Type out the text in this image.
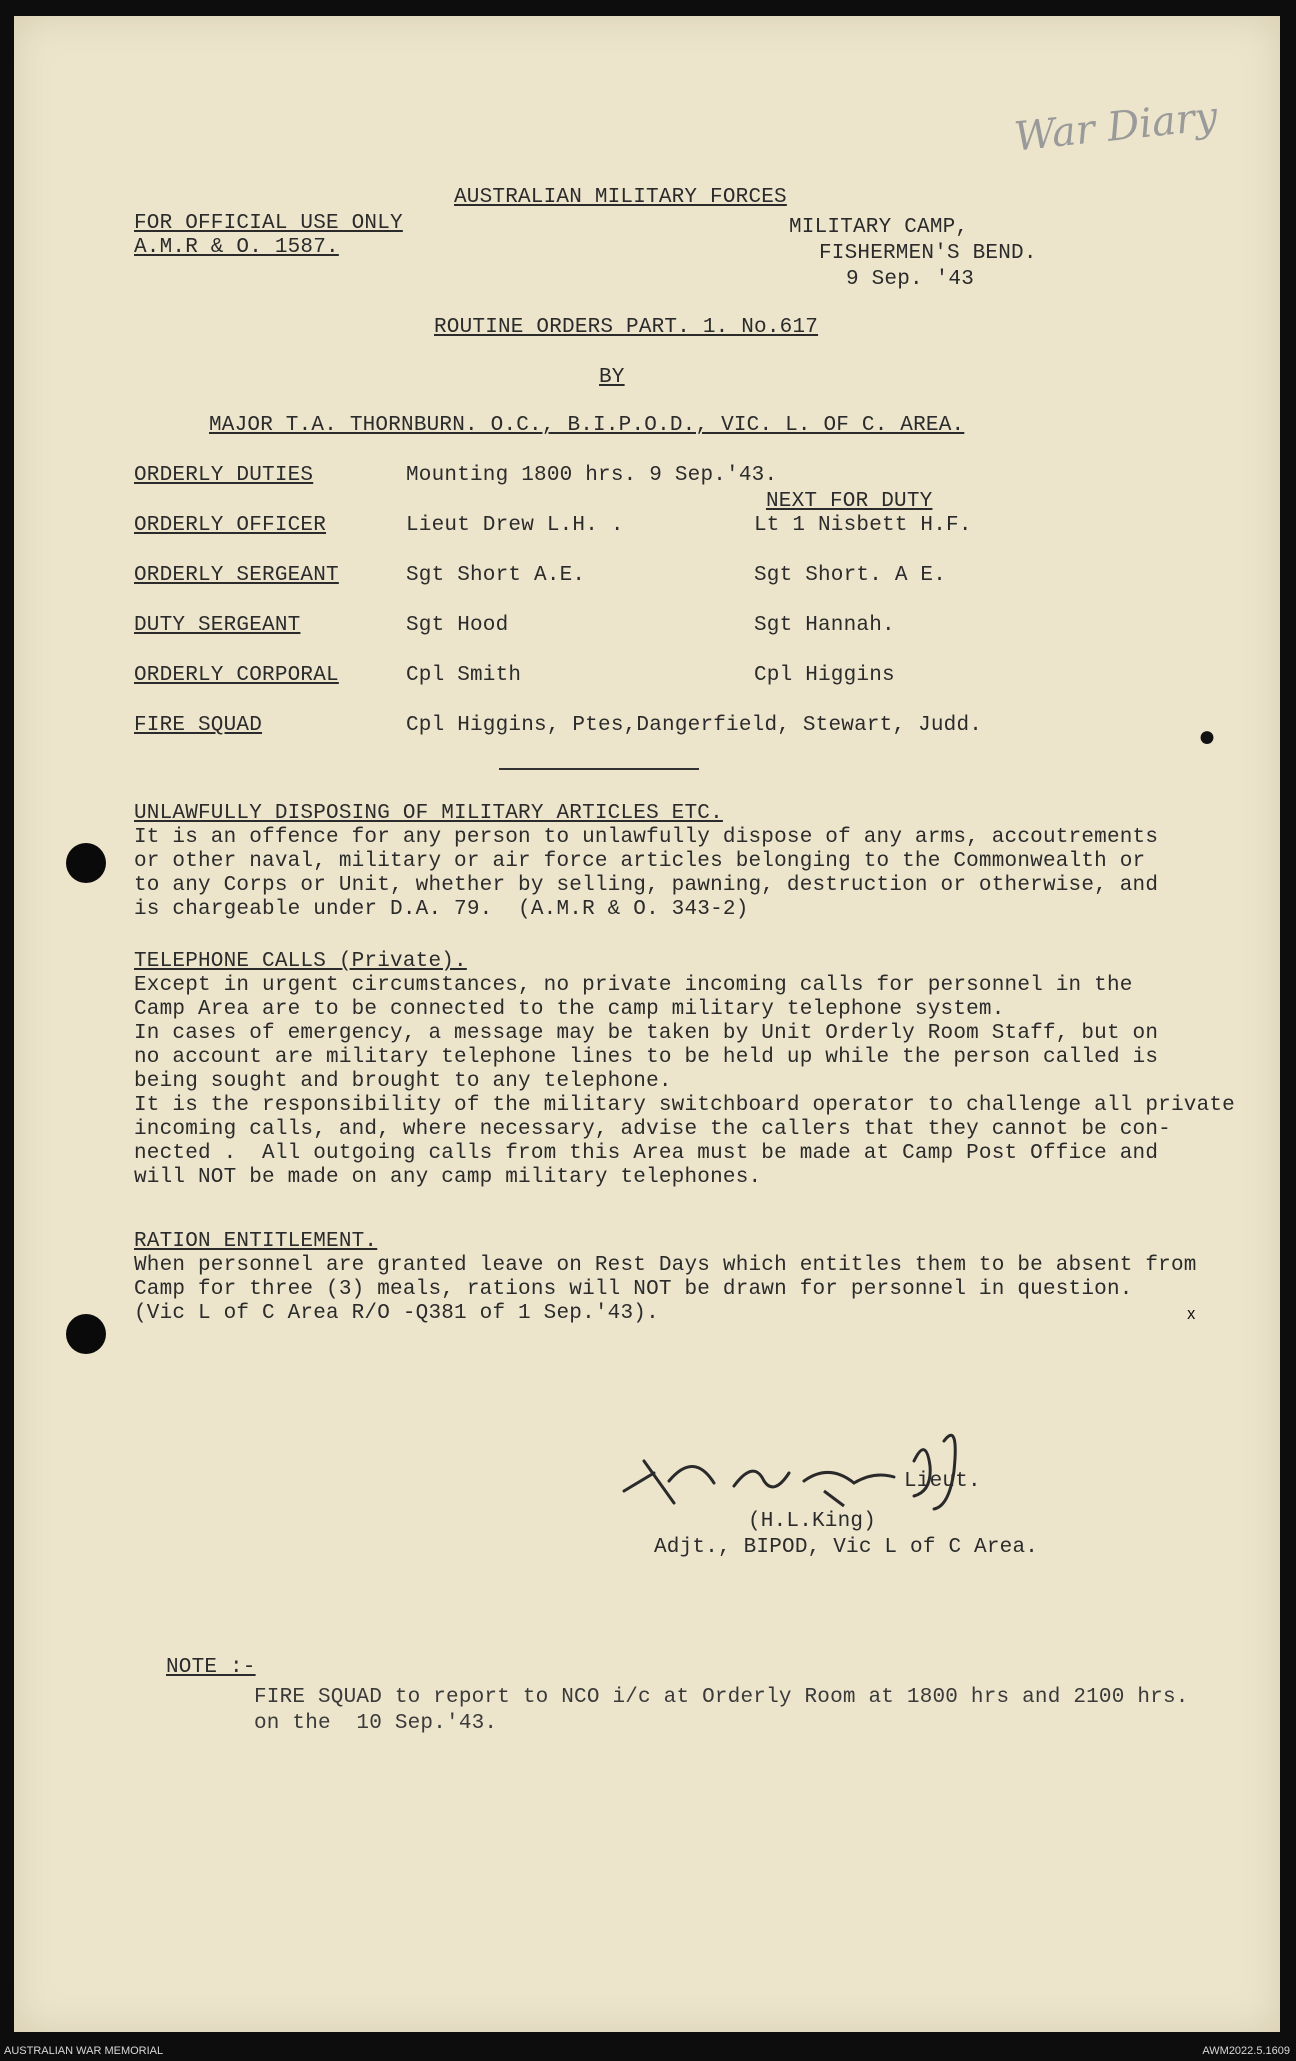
War Diary
AUSTRALIAN MILITARY FORCES
FOR OFFICIAL USE ONLY
A.M.R & O. 1587.
MILITARY CAMP,
FISHERMEN'S BEND.
9 Sep. '43
ROUTINE ORDERS PART. 1. No.617
BY
MAJOR T.A. THORNBURN. O.C., B.I.P.O.D., VIC. L. OF C. AREA.
ORDERLY DUTIES	Mounting 1800 hrs. 9 Sep.'43.
NEXT FOR DUTY
ORDERLY OFFICER	Lieut Drew L.H. .	Lt 1 Nisbett H.F.
ORDERLY SERGEANT	Sgt Short A.E.	Sgt Short. A E.
DUTY SERGEANT	Sgt Hood	Sgt Hannah.
ORDERLY CORPORAL	Cpl Smith	Cpl Higgins
FIRE SQUAD	Cpl Higgins, Ptes,Dangerfield, Stewart, Judd.	●
UNLAWFULLY DISPOSING OF MILITARY ARTICLES ETC.
It is an offence for any person to unlawfully dispose of any arms, accoutrements
or other naval, military or air force articles belonging to the Commonwealth or
to any Corps or Unit, whether by selling, pawning, destruction or otherwise, and
is chargeable under D.A. 79.  (A.M.R & O. 343-2)
TELEPHONE CALLS (Private).
Except in urgent circumstances, no private incoming calls for personnel in the
Camp Area are to be connected to the camp military telephone system.
In cases of emergency, a message may be taken by Unit Orderly Room Staff, but on
no account are military telephone lines to be held up while the person called is
being sought and brought to any telephone.
It is the responsibility of the military switchboard operator to challenge all private
incoming calls, and, where necessary, advise the callers that they cannot be con-
nected .  All outgoing calls from this Area must be made at Camp Post Office and
will NOT be made on any camp military telephones.
RATION ENTITLEMENT.
When personnel are granted leave on Rest Days which entitles them to be absent from
Camp for three (3) meals, rations will NOT be drawn for personnel in question.
(Vic L of C Area R/O -Q381 of 1 Sep.'43).	ˣ
Lieut.
(H.L.King)
Adjt., BIPOD, Vic L of C Area.
NOTE :-
FIRE SQUAD to report to NCO i/c at Orderly Room at 1800 hrs and 2100 hrs.
on the  10 Sep.'43.
AUSTRALIAN WAR MEMORIAL	AWM2022.5.1609
